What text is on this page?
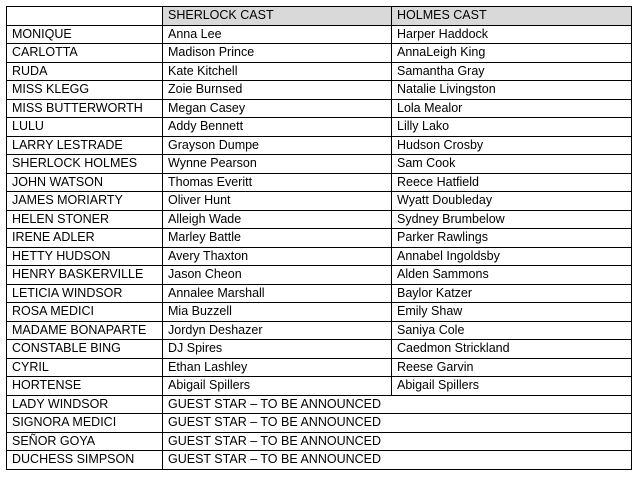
	SHERLOCK CAST	HOLMES CAST
MONIQUE	Anna Lee	Harper Haddock
CARLOTTA	Madison Prince	AnnaLeigh King
RUDA	Kate Kitchell	Samantha Gray
MISS KLEGG	Zoie Burnsed	Natalie Livingston
MISS BUTTERWORTH	Megan Casey	Lola Mealor
LULU	Addy Bennett	Lilly Lako
LARRY LESTRADE	Grayson Dumpe	Hudson Crosby
SHERLOCK HOLMES	Wynne Pearson	Sam Cook
JOHN WATSON	Thomas Everitt	Reece Hatfield
JAMES MORIARTY	Oliver Hunt	Wyatt Doubleday
HELEN STONER	Alleigh Wade	Sydney Brumbelow
IRENE ADLER	Marley Battle	Parker Rawlings
HETTY HUDSON	Avery Thaxton	Annabel Ingoldsby
HENRY BASKERVILLE	Jason Cheon	Alden Sammons
LETICIA WINDSOR	Annalee Marshall	Baylor Katzer
ROSA MEDICI	Mia Buzzell	Emily Shaw
MADAME BONAPARTE	Jordyn Deshazer	Saniya Cole
CONSTABLE BING	DJ Spires	Caedmon Strickland
CYRIL	Ethan Lashley	Reese Garvin
HORTENSE	Abigail Spillers	Abigail Spillers
LADY WINDSOR	GUEST STAR – TO BE ANNOUNCED	
SIGNORA MEDICI	GUEST STAR – TO BE ANNOUNCED	
SEÑOR GOYA	GUEST STAR – TO BE ANNOUNCED	
DUCHESS SIMPSON	GUEST STAR – TO BE ANNOUNCED	
